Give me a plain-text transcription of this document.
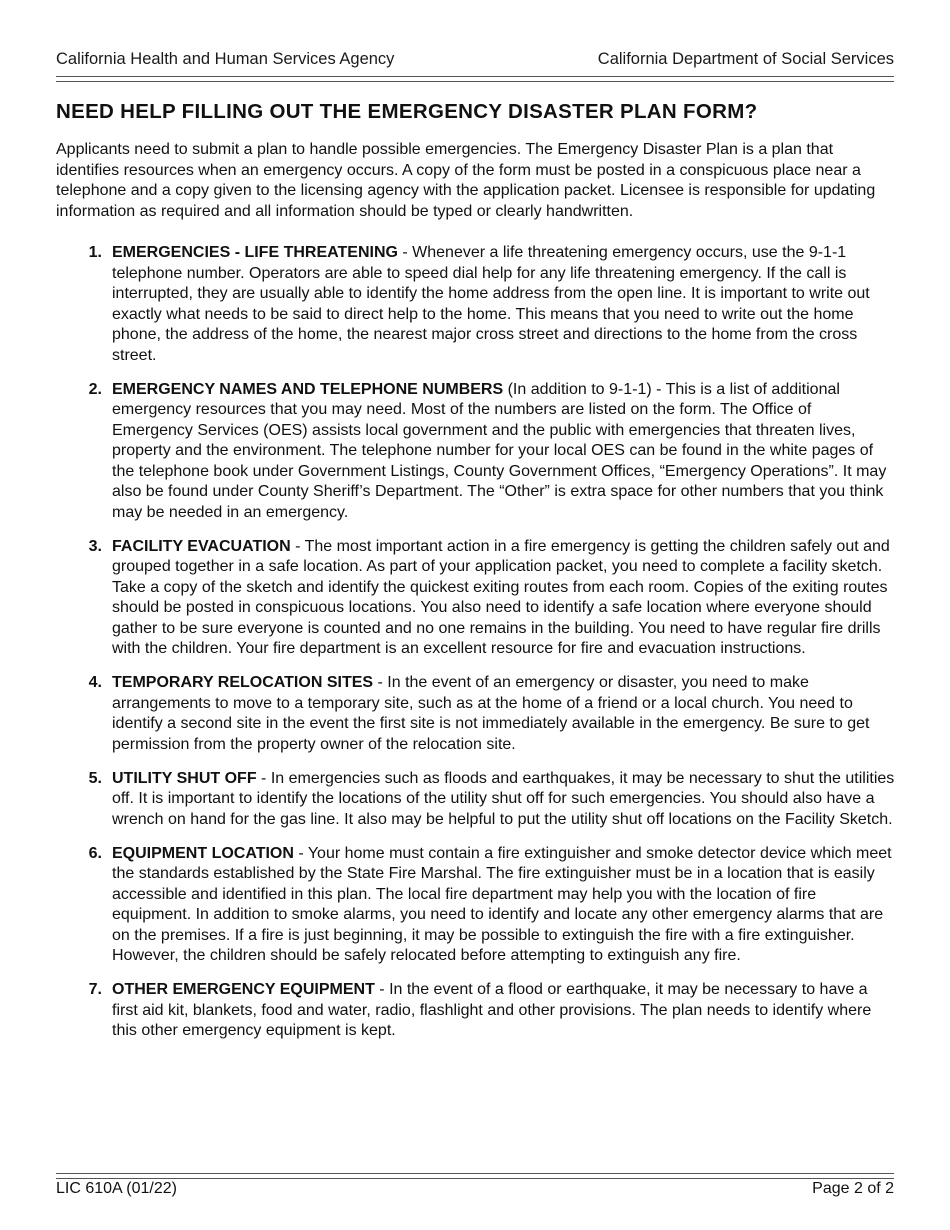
California Health and Human Services Agency	California Department of Social Services
NEED HELP FILLING OUT THE EMERGENCY DISASTER PLAN FORM?

Applicants need to submit a plan to handle possible emergencies. The Emergency Disaster Plan is a plan that identifies resources when an emergency occurs. A copy of the form must be posted in a conspicuous place near a telephone and a copy given to the licensing agency with the application packet. Licensee is responsible for updating information as required and all information should be typed or clearly handwritten.

1. EMERGENCIES - LIFE THREATENING - Whenever a life threatening emergency occurs, use the 9-1-1 telephone number. Operators are able to speed dial help for any life threatening emergency. If the call is interrupted, they are usually able to identify the home address from the open line. It is important to write out exactly what needs to be said to direct help to the home. This means that you need to write out the home phone, the address of the home, the nearest major cross street and directions to the home from the cross street.
2. EMERGENCY NAMES AND TELEPHONE NUMBERS (In addition to 9-1-1) - This is a list of additional emergency resources that you may need. Most of the numbers are listed on the form. The Office of Emergency Services (OES) assists local government and the public with emergencies that threaten lives, property and the environment. The telephone number for your local OES can be found in the white pages of the telephone book under Government Listings, County Government Offices, “Emergency Operations”. It may also be found under County Sheriff’s Department. The “Other” is extra space for other numbers that you think may be needed in an emergency.
3. FACILITY EVACUATION - The most important action in a fire emergency is getting the children safely out and grouped together in a safe location. As part of your application packet, you need to complete a facility sketch. Take a copy of the sketch and identify the quickest exiting routes from each room. Copies of the exiting routes should be posted in conspicuous locations. You also need to identify a safe location where everyone should gather to be sure everyone is counted and no one remains in the building. You need to have regular fire drills with the children. Your fire department is an excellent resource for fire and evacuation instructions.
4. TEMPORARY RELOCATION SITES - In the event of an emergency or disaster, you need to make arrangements to move to a temporary site, such as at the home of a friend or a local church. You need to identify a second site in the event the first site is not immediately available in the emergency. Be sure to get permission from the property owner of the relocation site.
5. UTILITY SHUT OFF - In emergencies such as floods and earthquakes, it may be necessary to shut the utilities off. It is important to identify the locations of the utility shut off for such emergencies. You should also have a wrench on hand for the gas line. It also may be helpful to put the utility shut off locations on the Facility Sketch.
6. EQUIPMENT LOCATION - Your home must contain a fire extinguisher and smoke detector device which meet the standards established by the State Fire Marshal. The fire extinguisher must be in a location that is easily accessible and identified in this plan. The local fire department may help you with the location of fire equipment. In addition to smoke alarms, you need to identify and locate any other emergency alarms that are on the premises. If a fire is just beginning, it may be possible to extinguish the fire with a fire extinguisher. However, the children should be safely relocated before attempting to extinguish any fire.
7. OTHER EMERGENCY EQUIPMENT - In the event of a flood or earthquake, it may be necessary to have a first aid kit, blankets, food and water, radio, flashlight and other provisions. The plan needs to identify where this other emergency equipment is kept.
LIC 610A (01/22)	Page 2 of 2
